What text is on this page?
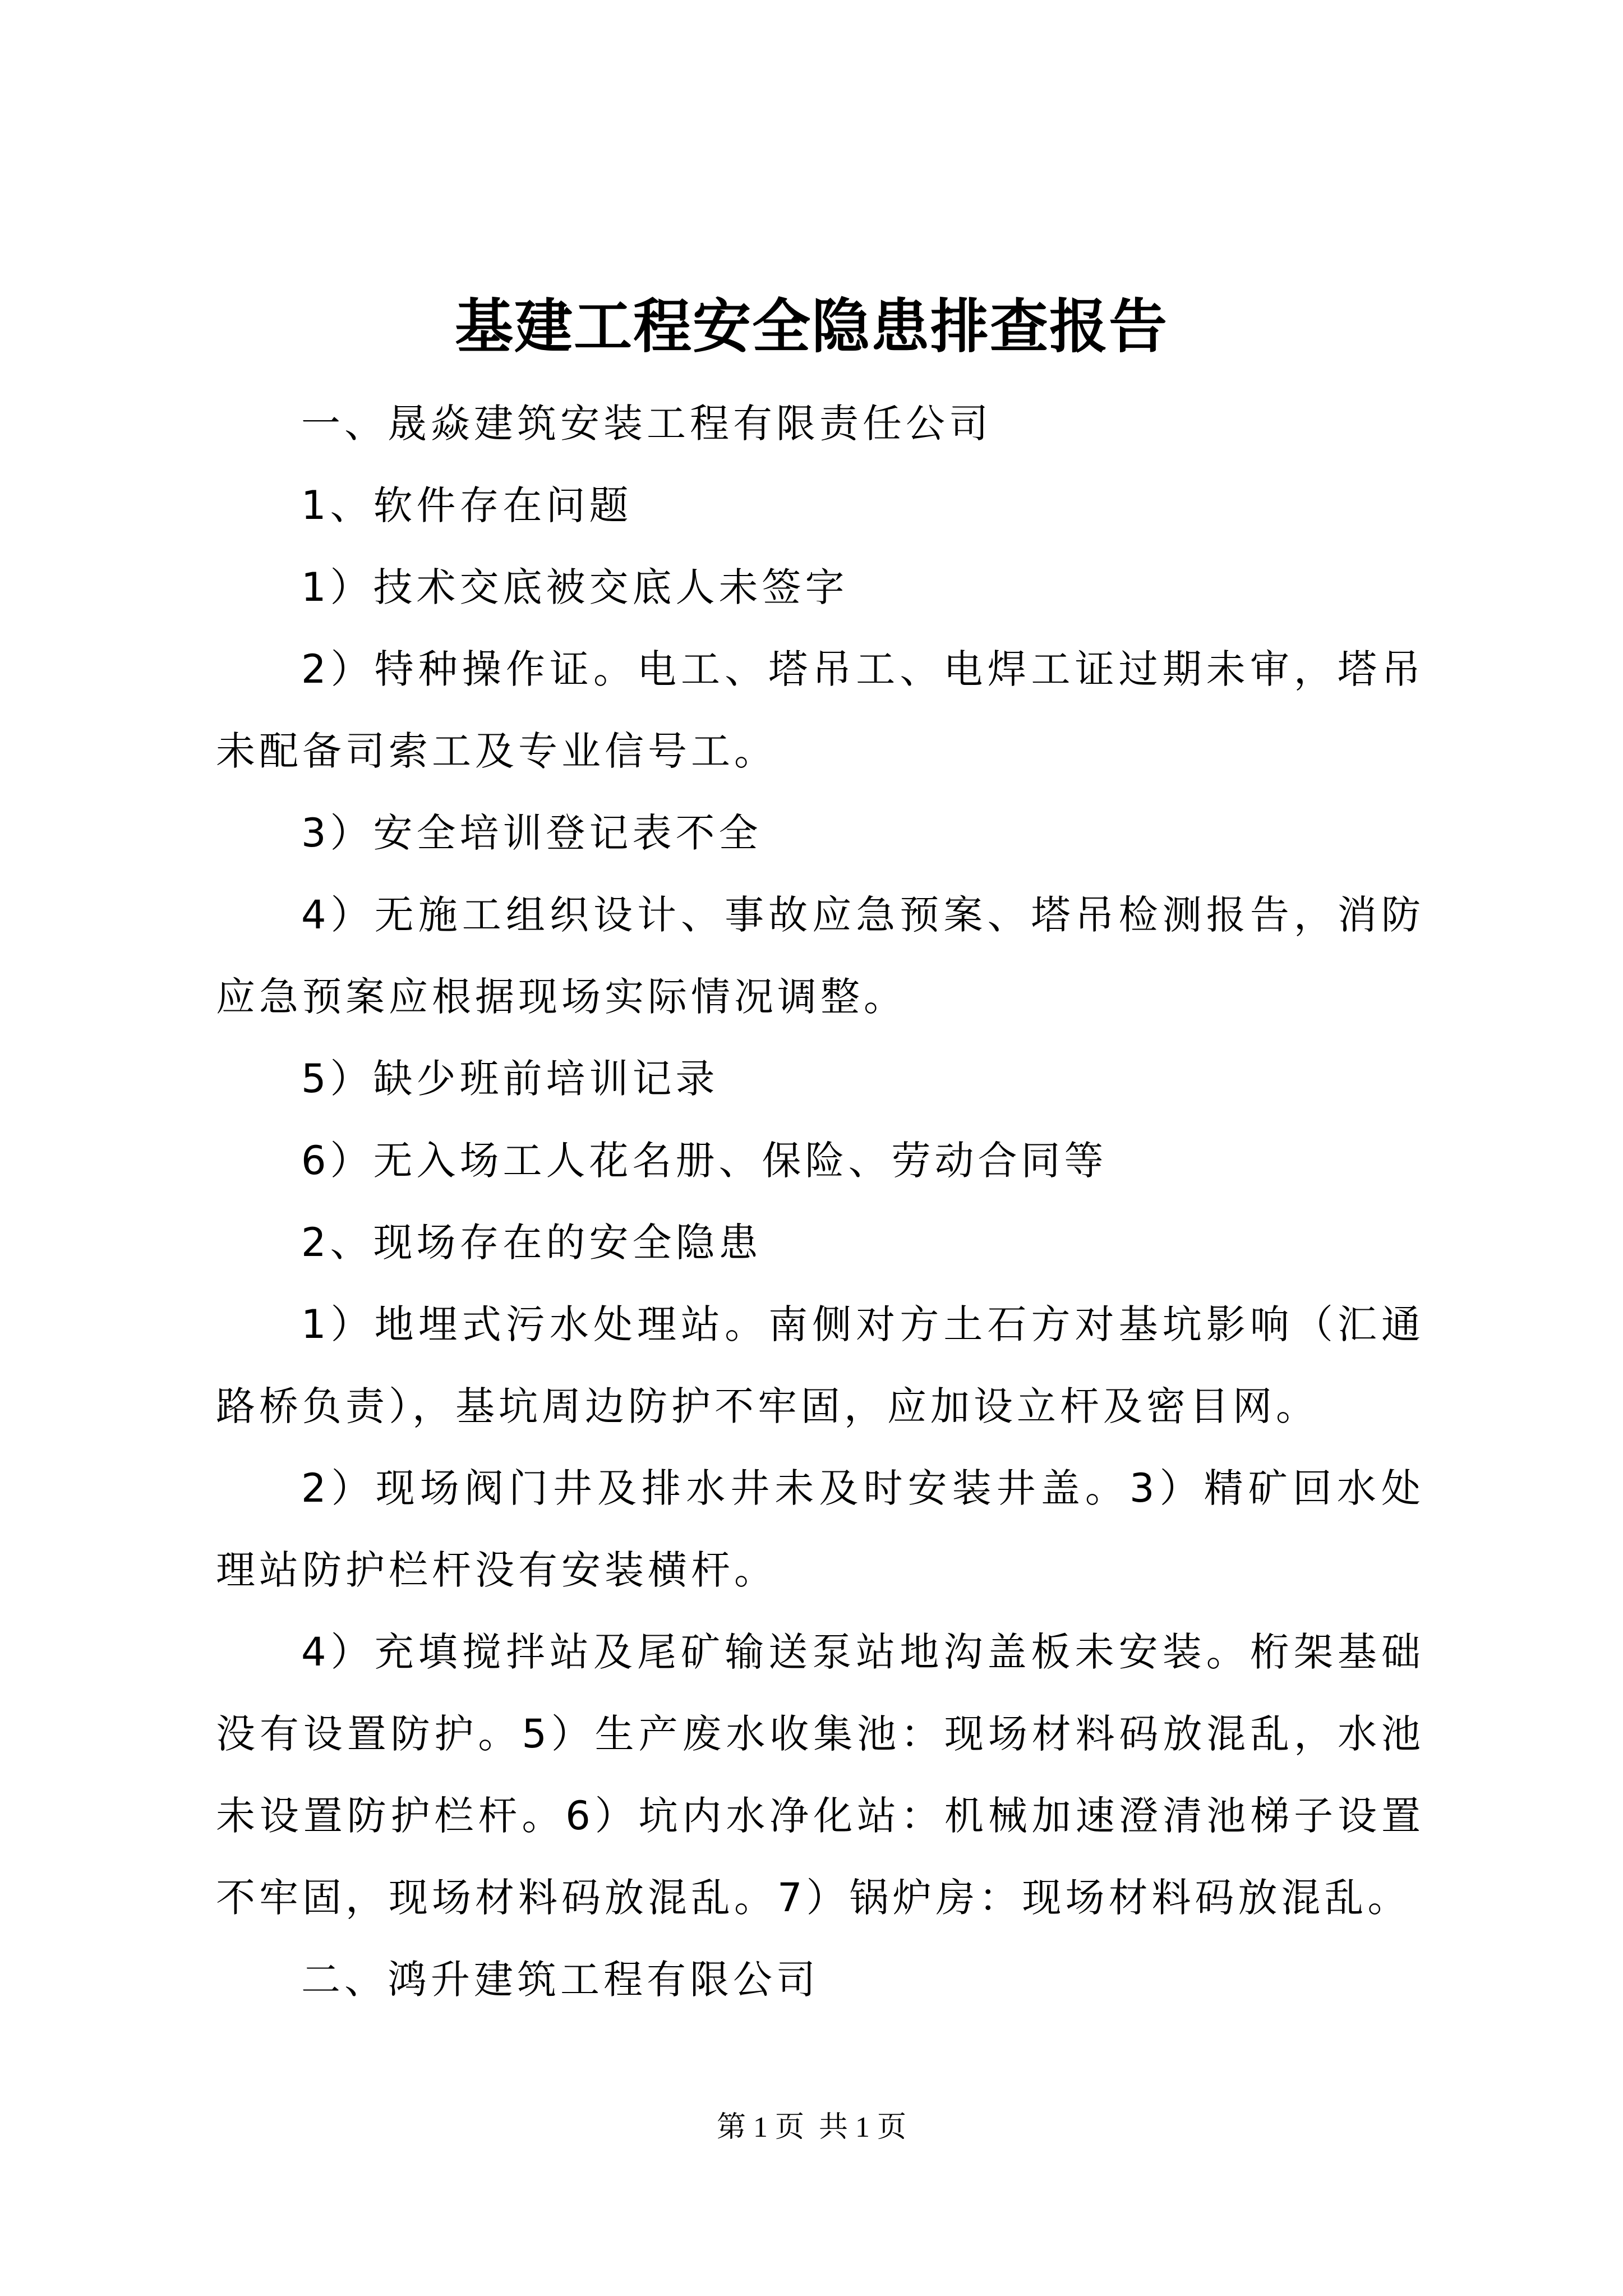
基建工程安全隐患排查报告

一、晟焱建筑安装工程有限责任公司

1、软件存在问题

1）技术交底被交底人未签字

2）特种操作证。电工、塔吊工、电焊工证过期未审，塔吊未配备司索工及专业信号工。

3）安全培训登记表不全

4）无施工组织设计、事故应急预案、塔吊检测报告，消防应急预案应根据现场实际情况调整。

5）缺少班前培训记录

6）无入场工人花名册、保险、劳动合同等

2、现场存在的安全隐患

1）地埋式污水处理站。南侧对方土石方对基坑影响（汇通路桥负责），基坑周边防护不牢固，应加设立杆及密目网。

2）现场阀门井及排水井未及时安装井盖。3）精矿回水处理站防护栏杆没有安装横杆。

4）充填搅拌站及尾矿输送泵站地沟盖板未安装。桁架基础没有设置防护。5）生产废水收集池：现场材料码放混乱，水池未设置防护栏杆。6）坑内水净化站：机械加速澄清池梯子设置不牢固，现场材料码放混乱。7）锅炉房：现场材料码放混乱。

二、鸿升建筑工程有限公司

第 1 页  共 1 页
